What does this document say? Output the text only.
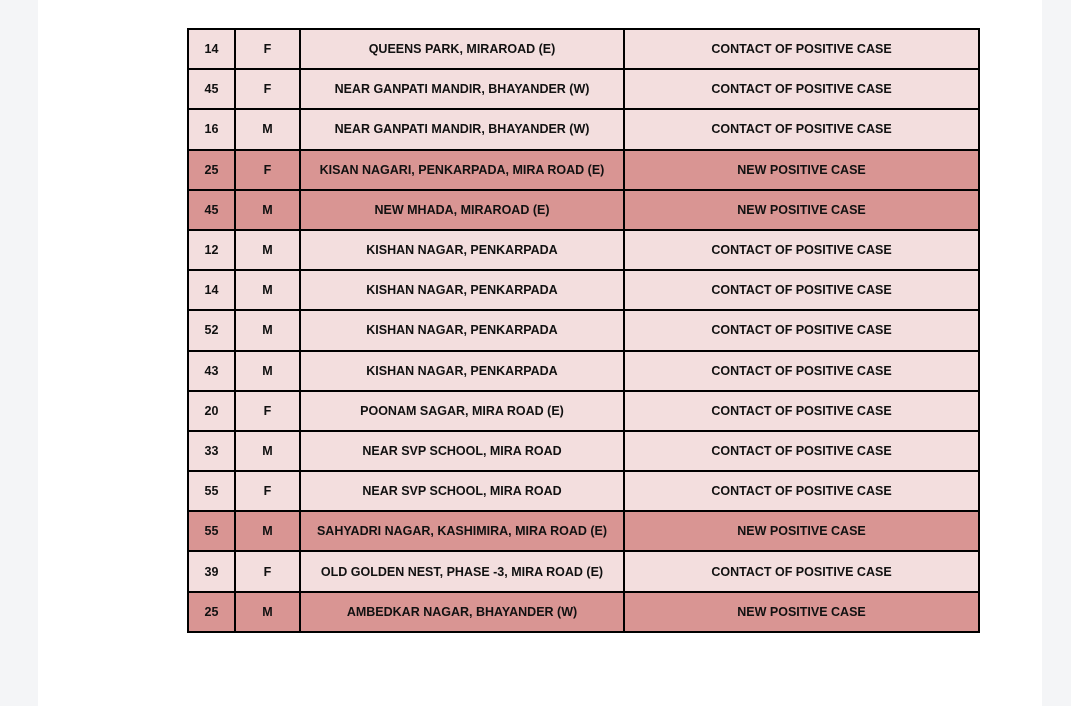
14	F	QUEENS PARK, MIRAROAD (E)	CONTACT OF POSITIVE CASE
45	F	NEAR GANPATI MANDIR, BHAYANDER (W)	CONTACT OF POSITIVE CASE
16	M	NEAR GANPATI MANDIR, BHAYANDER (W)	CONTACT OF POSITIVE CASE
25	F	KISAN NAGARI, PENKARPADA, MIRA ROAD (E)	NEW POSITIVE CASE
45	M	NEW MHADA, MIRAROAD (E)	NEW POSITIVE CASE
12	M	KISHAN NAGAR, PENKARPADA	CONTACT OF POSITIVE CASE
14	M	KISHAN NAGAR, PENKARPADA	CONTACT OF POSITIVE CASE
52	M	KISHAN NAGAR, PENKARPADA	CONTACT OF POSITIVE CASE
43	M	KISHAN NAGAR, PENKARPADA	CONTACT OF POSITIVE CASE
20	F	POONAM SAGAR, MIRA ROAD (E)	CONTACT OF POSITIVE CASE
33	M	NEAR SVP SCHOOL, MIRA ROAD	CONTACT OF POSITIVE CASE
55	F	NEAR SVP SCHOOL, MIRA ROAD	CONTACT OF POSITIVE CASE
55	M	SAHYADRI NAGAR, KASHIMIRA, MIRA ROAD (E)	NEW POSITIVE CASE
39	F	OLD GOLDEN NEST, PHASE -3, MIRA ROAD (E)	CONTACT OF POSITIVE CASE
25	M	AMBEDKAR NAGAR, BHAYANDER (W)	NEW POSITIVE CASE
